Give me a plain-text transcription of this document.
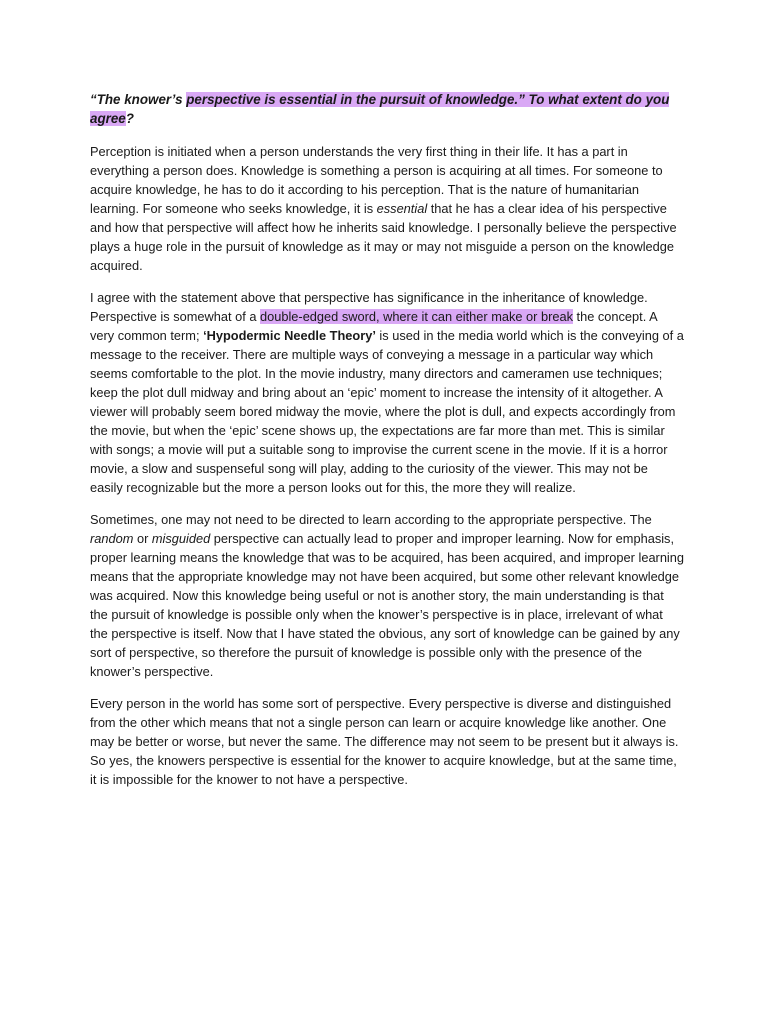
“The knower’s perspective is essential in the pursuit of knowledge.” To what extent do you agree?

Perception is initiated when a person understands the very first thing in their life. It has a part in everything a person does. Knowledge is something a person is acquiring at all times. For someone to acquire knowledge, he has to do it according to his perception. That is the nature of humanitarian learning. For someone who seeks knowledge, it is essential that he has a clear idea of his perspective and how that perspective will affect how he inherits said knowledge. I personally believe the perspective plays a huge role in the pursuit of knowledge as it may or may not misguide a person on the knowledge acquired.

I agree with the statement above that perspective has significance in the inheritance of knowledge. Perspective is somewhat of a double-edged sword, where it can either make or break the concept. A very common term; ‘Hypodermic Needle Theory’ is used in the media world which is the conveying of a message to the receiver. There are multiple ways of conveying a message in a particular way which seems comfortable to the plot. In the movie industry, many directors and cameramen use techniques; keep the plot dull midway and bring about an ‘epic’ moment to increase the intensity of it altogether. A viewer will probably seem bored midway the movie, where the plot is dull, and expects accordingly from the movie, but when the ‘epic’ scene shows up, the expectations are far more than met. This is similar with songs; a movie will put a suitable song to improvise the current scene in the movie. If it is a horror movie, a slow and suspenseful song will play, adding to the curiosity of the viewer. This may not be easily recognizable but the more a person looks out for this, the more they will realize.

Sometimes, one may not need to be directed to learn according to the appropriate perspective. The random or misguided perspective can actually lead to proper and improper learning. Now for emphasis, proper learning means the knowledge that was to be acquired, has been acquired, and improper learning means that the appropriate knowledge may not have been acquired, but some other relevant knowledge was acquired. Now this knowledge being useful or not is another story, the main understanding is that the pursuit of knowledge is possible only when the knower’s perspective is in place, irrelevant of what the perspective is itself. Now that I have stated the obvious, any sort of knowledge can be gained by any sort of perspective, so therefore the pursuit of knowledge is possible only with the presence of the knower’s perspective.

Every person in the world has some sort of perspective. Every perspective is diverse and distinguished from the other which means that not a single person can learn or acquire knowledge like another. One may be better or worse, but never the same. The difference may not seem to be present but it always is. So yes, the knowers perspective is essential for the knower to acquire knowledge, but at the same time, it is impossible for the knower to not have a perspective.
